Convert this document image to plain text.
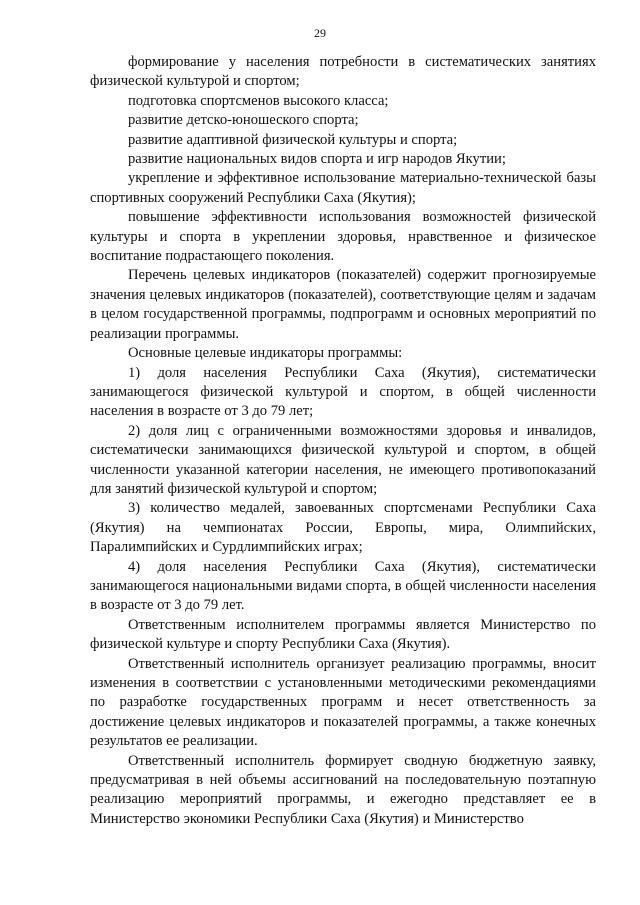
29

формирование у населения потребности в систематических занятиях физической культурой и спортом;

подготовка спортсменов высокого класса;

развитие детско-юношеского спорта;

развитие адаптивной физической культуры и спорта;

развитие национальных видов спорта и игр народов Якутии;

укрепление и эффективное использование материально-технической базы спортивных сооружений Республики Саха (Якутия);

повышение эффективности использования возможностей физической культуры и спорта в укреплении здоровья, нравственное и физическое воспитание подрастающего поколения.

Перечень целевых индикаторов (показателей) содержит прогнозируемые значения целевых индикаторов (показателей), соответствующие целям и задачам в целом государственной программы, подпрограмм и основных мероприятий по реализации программы.

Основные целевые индикаторы программы:

1) доля населения Республики Саха (Якутия), систематически занимающегося физической культурой и спортом, в общей численности населения в возрасте от 3 до 79 лет;

2) доля лиц с ограниченными возможностями здоровья и инвалидов, систематически занимающихся физической культурой и спортом, в общей численности указанной категории населения, не имеющего противопоказаний для занятий физической культурой и спортом;

3) количество медалей, завоеванных спортсменами Республики Саха (Якутия) на чемпионатах России, Европы, мира, Олимпийских, Паралимпийских и Сурдлимпийских играх;

4) доля населения Республики Саха (Якутия), систематически занимающегося национальными видами спорта, в общей численности населения в возрасте от 3 до 79 лет.

Ответственным исполнителем программы является Министерство по физической культуре и спорту Республики Саха (Якутия).

Ответственный исполнитель организует реализацию программы, вносит изменения в соответствии с установленными методическими рекомендациями по разработке государственных программ и несет ответственность за достижение целевых индикаторов и показателей программы, а также конечных результатов ее реализации.

Ответственный исполнитель формирует сводную бюджетную заявку, предусматривая в ней объемы ассигнований на последовательную поэтапную реализацию мероприятий программы, и ежегодно представляет ее в Министерство экономики Республики Саха (Якутия) и Министерство
